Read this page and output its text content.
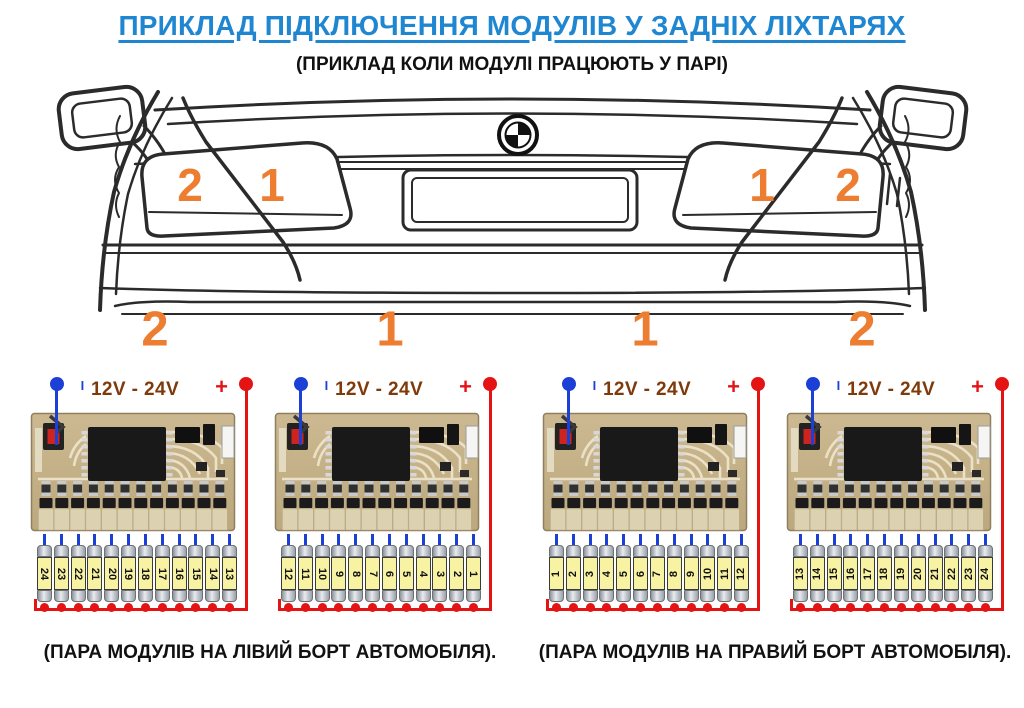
ПРИКЛАД ПІДКЛЮЧЕННЯ МОДУЛІВ У ЗАДНІХ ЛІХТАРЯХ
(ПРИКЛАД КОЛИ МОДУЛІ ПРАЦЮЮТЬ У ПАРІ)
2 1	1 2
2	1	1	2
–
12V - 24V	+
24 23 22 21 20 19 18 17 16 15 14 13
–
12V - 24V	+
12 11 10 9 8 7 6 5 4 3 2 1
–
12V - 24V	+
1 2 3 4 5 6 7 8 9 10 11 12
–
12V - 24V	+
13 14 15 16 17 18 19 20 21 22 23 24
(ПАРА МОДУЛІВ НА ЛІВИЙ БОРТ АВТОМОБІЛЯ).	(ПАРА МОДУЛІВ НА ПРАВИЙ БОРТ АВТОМОБІЛЯ).
